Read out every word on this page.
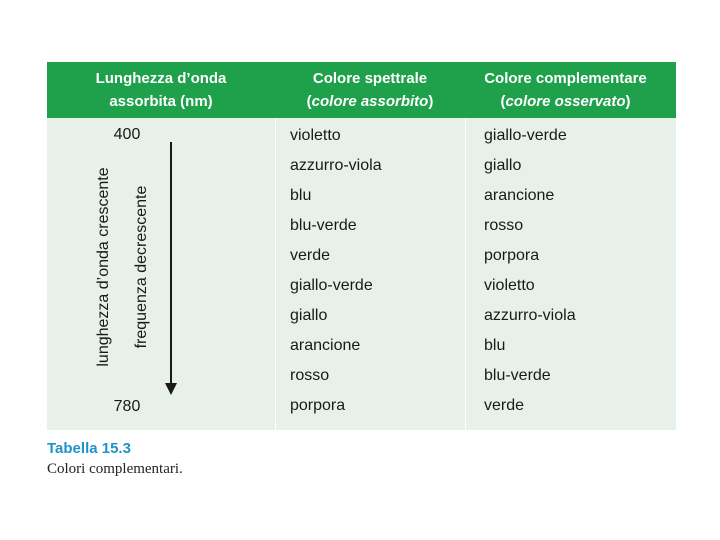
Lunghezza d’onda
assorbita (nm)
Colore spettrale
(colore assorbito)
Colore complementare
(colore osservato)
400
780
lunghezza d’onda crescente frequenza decrescente
violetto	giallo-verde
azzurro-viola	giallo
blu	arancione
blu-verde	rosso
verde	porpora
giallo-verde	violetto
giallo	azzurro-viola
arancione	blu
rosso	blu-verde
porpora	verde
Tabella 15.3
Colori complementari.
